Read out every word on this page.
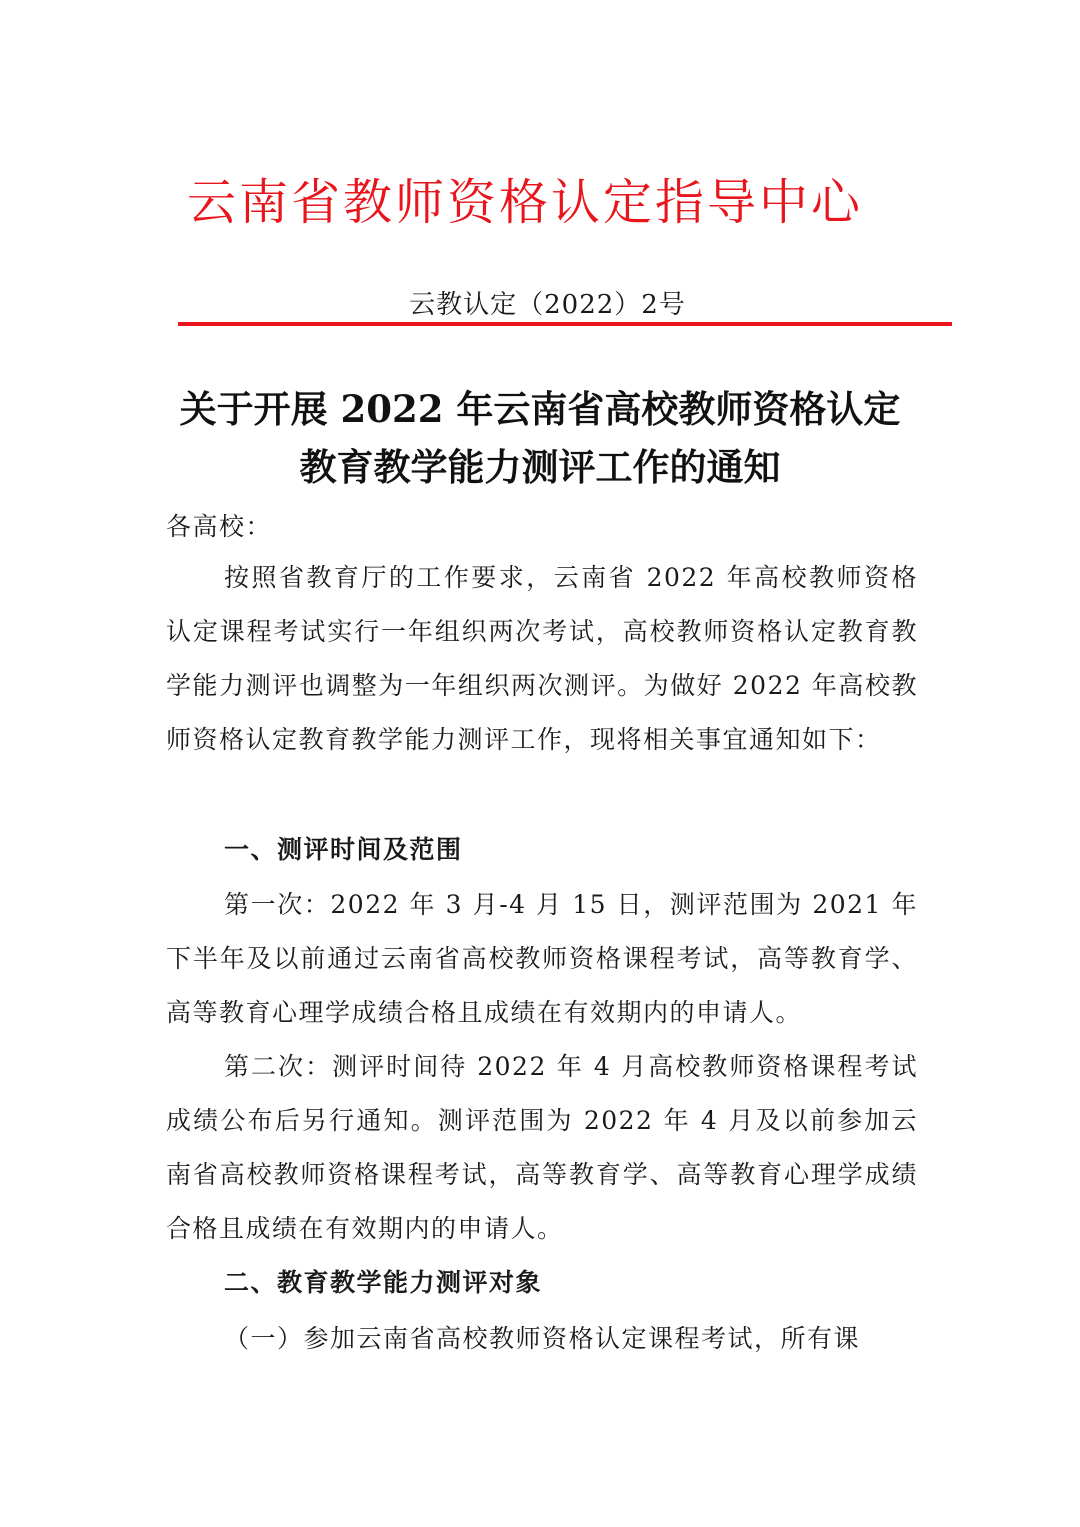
云南省教师资格认定指导中心
云教认定（2022）2号
关于开展 2022 年云南省高校教师资格认定
教育教学能力测评工作的通知
各高校：
按照省教育厅的工作要求，云南省 2022 年高校教师资格认定课程考试实行一年组织两次考试，高校教师资格认定教育教学能力测评也调整为一年组织两次测评。为做好 2022 年高校教师资格认定教育教学能力测评工作，现将相关事宜通知如下：
一、测评时间及范围
第一次：2022 年 3 月-4 月 15 日，测评范围为 2021 年下半年及以前通过云南省高校教师资格课程考试，高等教育学、高等教育心理学成绩合格且成绩在有效期内的申请人。
第二次：测评时间待 2022 年 4 月高校教师资格课程考试成绩公布后另行通知。测评范围为 2022 年 4 月及以前参加云南省高校教师资格课程考试，高等教育学、高等教育心理学成绩合格且成绩在有效期内的申请人。
二、教育教学能力测评对象
（一）参加云南省高校教师资格认定课程考试，所有课
